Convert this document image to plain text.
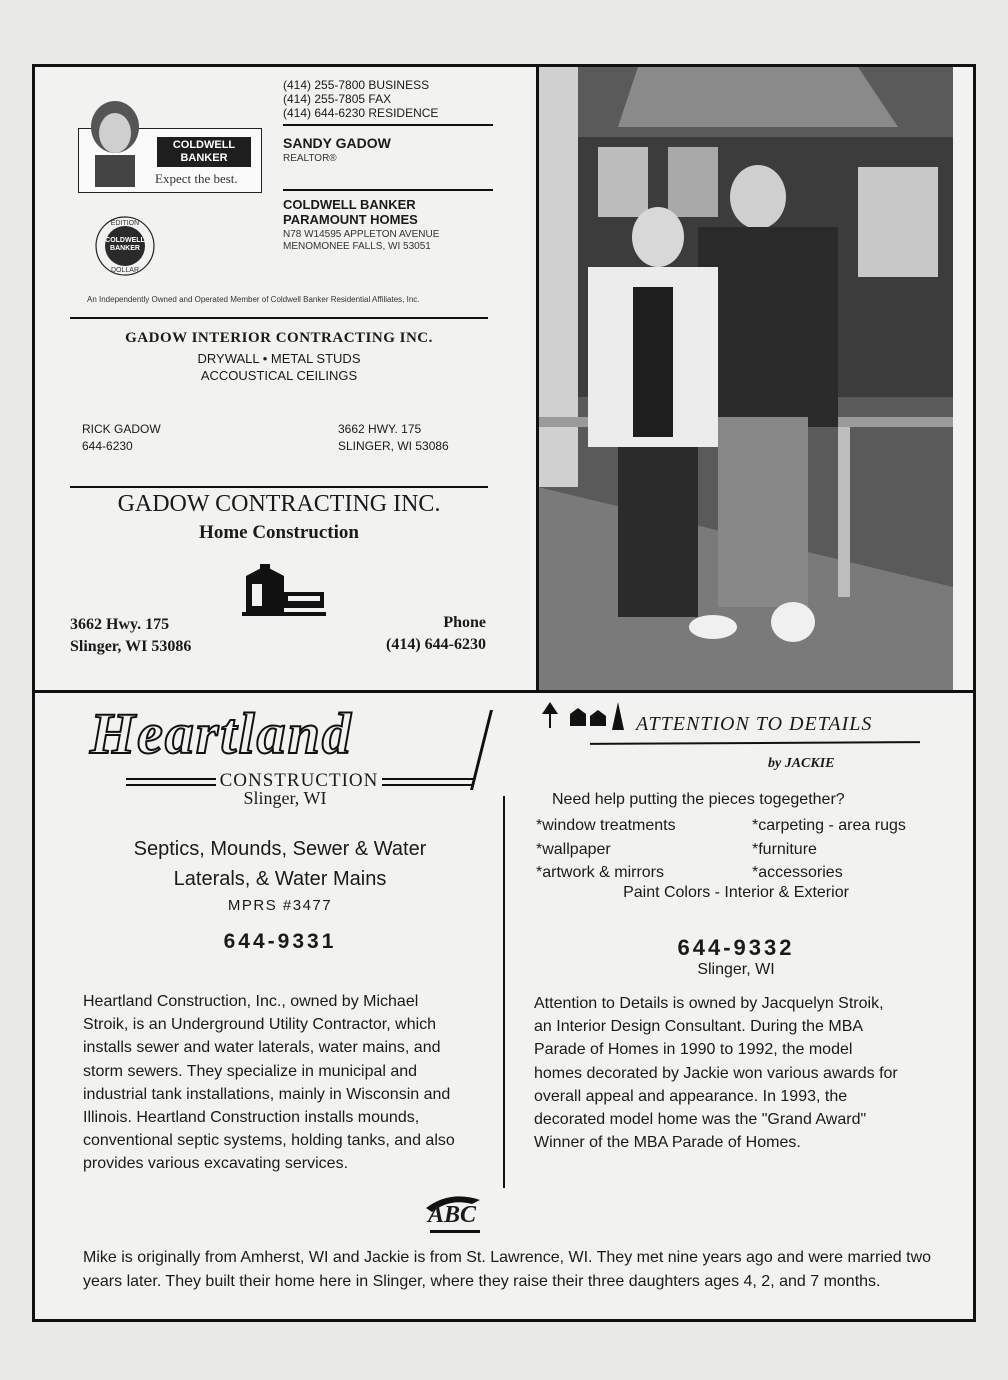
COLDWELL
BANKER
Expect the best.
EDITION
COLDWELL
BANKER
DOLLAR
(414) 255-7800 BUSINESS
(414) 255-7805 FAX
(414) 644-6230 RESIDENCE
SANDY GADOW
REALTOR®
COLDWELL BANKER
PARAMOUNT HOMES
N78 W14595 APPLETON AVENUE
MENOMONEE FALLS, WI 53051
An Independently Owned and Operated Member of Coldwell Banker Residential Affiliates, Inc.
GADOW INTERIOR CONTRACTING INC.
DRYWALL • METAL STUDS
ACCOUSTICAL CEILINGS
RICK GADOW
644-6230
3662 HWY. 175
SLINGER, WI 53086
GADOW CONTRACTING INC.
Home Construction
3662 Hwy. 175
Slinger, WI 53086
Phone
(414) 644-6230
Heartland
CONSTRUCTION
Slinger, WI
Septics, Mounds, Sewer & Water
Laterals, & Water Mains
MPRS #3477
644-9331
Heartland Construction, Inc., owned by Michael Stroik, is an Underground Utility Contractor, which installs sewer and water laterals, water mains, and storm sewers. They specialize in municipal and industrial tank installations, mainly in Wisconsin and Illinois. Heartland Construction installs mounds, conventional septic systems, holding tanks, and also provides various excavating services.
ABC
ATTENTION TO DETAILS
by JACKIE
Need help putting the pieces togegether?
*window treatments
*wallpaper
*artwork & mirrors
*carpeting - area rugs
*furniture
*accessories
Paint Colors - Interior & Exterior
644-9332
Slinger, WI
Attention to Details is owned by Jacquelyn Stroik, an Interior Design Consultant. During the MBA Parade of Homes in 1990 to 1992, the model homes decorated by Jackie won various awards for overall appeal and appearance. In 1993, the decorated model home was the "Grand Award" Winner of the MBA Parade of Homes.
Mike is originally from Amherst, WI and Jackie is from St. Lawrence, WI. They met nine years ago and were married two years later. They built their home here in Slinger, where they raise their three daughters ages 4, 2, and 7 months.
